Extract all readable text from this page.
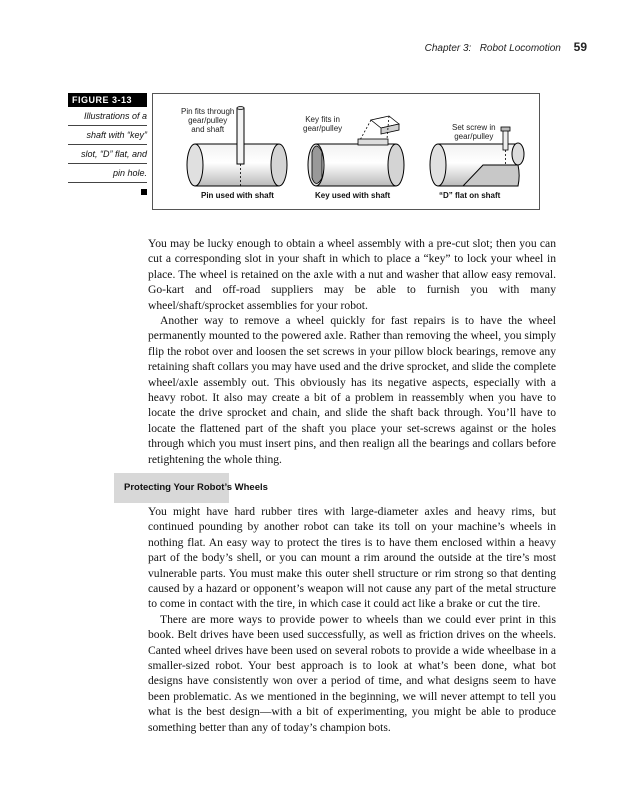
Chapter 3: Robot Locomotion 59
FIGURE 3-13
Illustrations of a
shaft with “key”
slot, “D” flat, and
pin hole.
Pin fits through
gear/pulley
and shaft
Key fits in
gear/pulley	Set screw in
gear/pulley
Pin used with shaft	Key used with shaft	“D” flat on shaft

You may be lucky enough to obtain a wheel assembly with a pre-cut slot; then you can cut a corresponding slot in your shaft in which to place a “key” to lock your wheel in place. The wheel is retained on the axle with a nut and washer that allow easy removal. Go-kart and off-road suppliers may be able to furnish you with many wheel/shaft/sprocket assemblies for your robot.

Another way to remove a wheel quickly for fast repairs is to have the wheel permanently mounted to the powered axle. Rather than removing the wheel, you simply flip the robot over and loosen the set screws in your pillow block bearings, remove any retaining shaft collars you may have used and the drive sprocket, and slide the complete wheel/axle assembly out. This obviously has its negative aspects, especially with a heavy robot. It also may create a bit of a problem in reassembly when you have to locate the drive sprocket and chain, and slide the shaft back through. You’ll have to locate the flattened part of the shaft you place your set-screws against or the holes through which you must insert pins, and then realign all the bearings and collars before retightening the whole thing.

Protecting Your Robot’s Wheels

You might have hard rubber tires with large-diameter axles and heavy rims, but continued pounding by another robot can take its toll on your machine’s wheels in nothing flat. An easy way to protect the tires is to have them enclosed within a heavy part of the body’s shell, or you can mount a rim around the outside at the tire’s most vulnerable parts. You must make this outer shell structure or rim strong so that denting caused by a hazard or opponent’s weapon will not cause any part of the metal structure to come in contact with the tire, in which case it could act like a brake or cut the tire.

There are more ways to provide power to wheels than we could ever print in this book. Belt drives have been used successfully, as well as friction drives on the wheels. Canted wheel drives have been used on several robots to provide a wide wheelbase in a smaller-sized robot. Your best approach is to look at what’s been done, what bot designs have consistently won over a period of time, and what designs seem to have been problematic. As we mentioned in the beginning, we will never attempt to tell you what is the best design—with a bit of experimenting, you might be able to produce something better than any of today’s champion bots.
